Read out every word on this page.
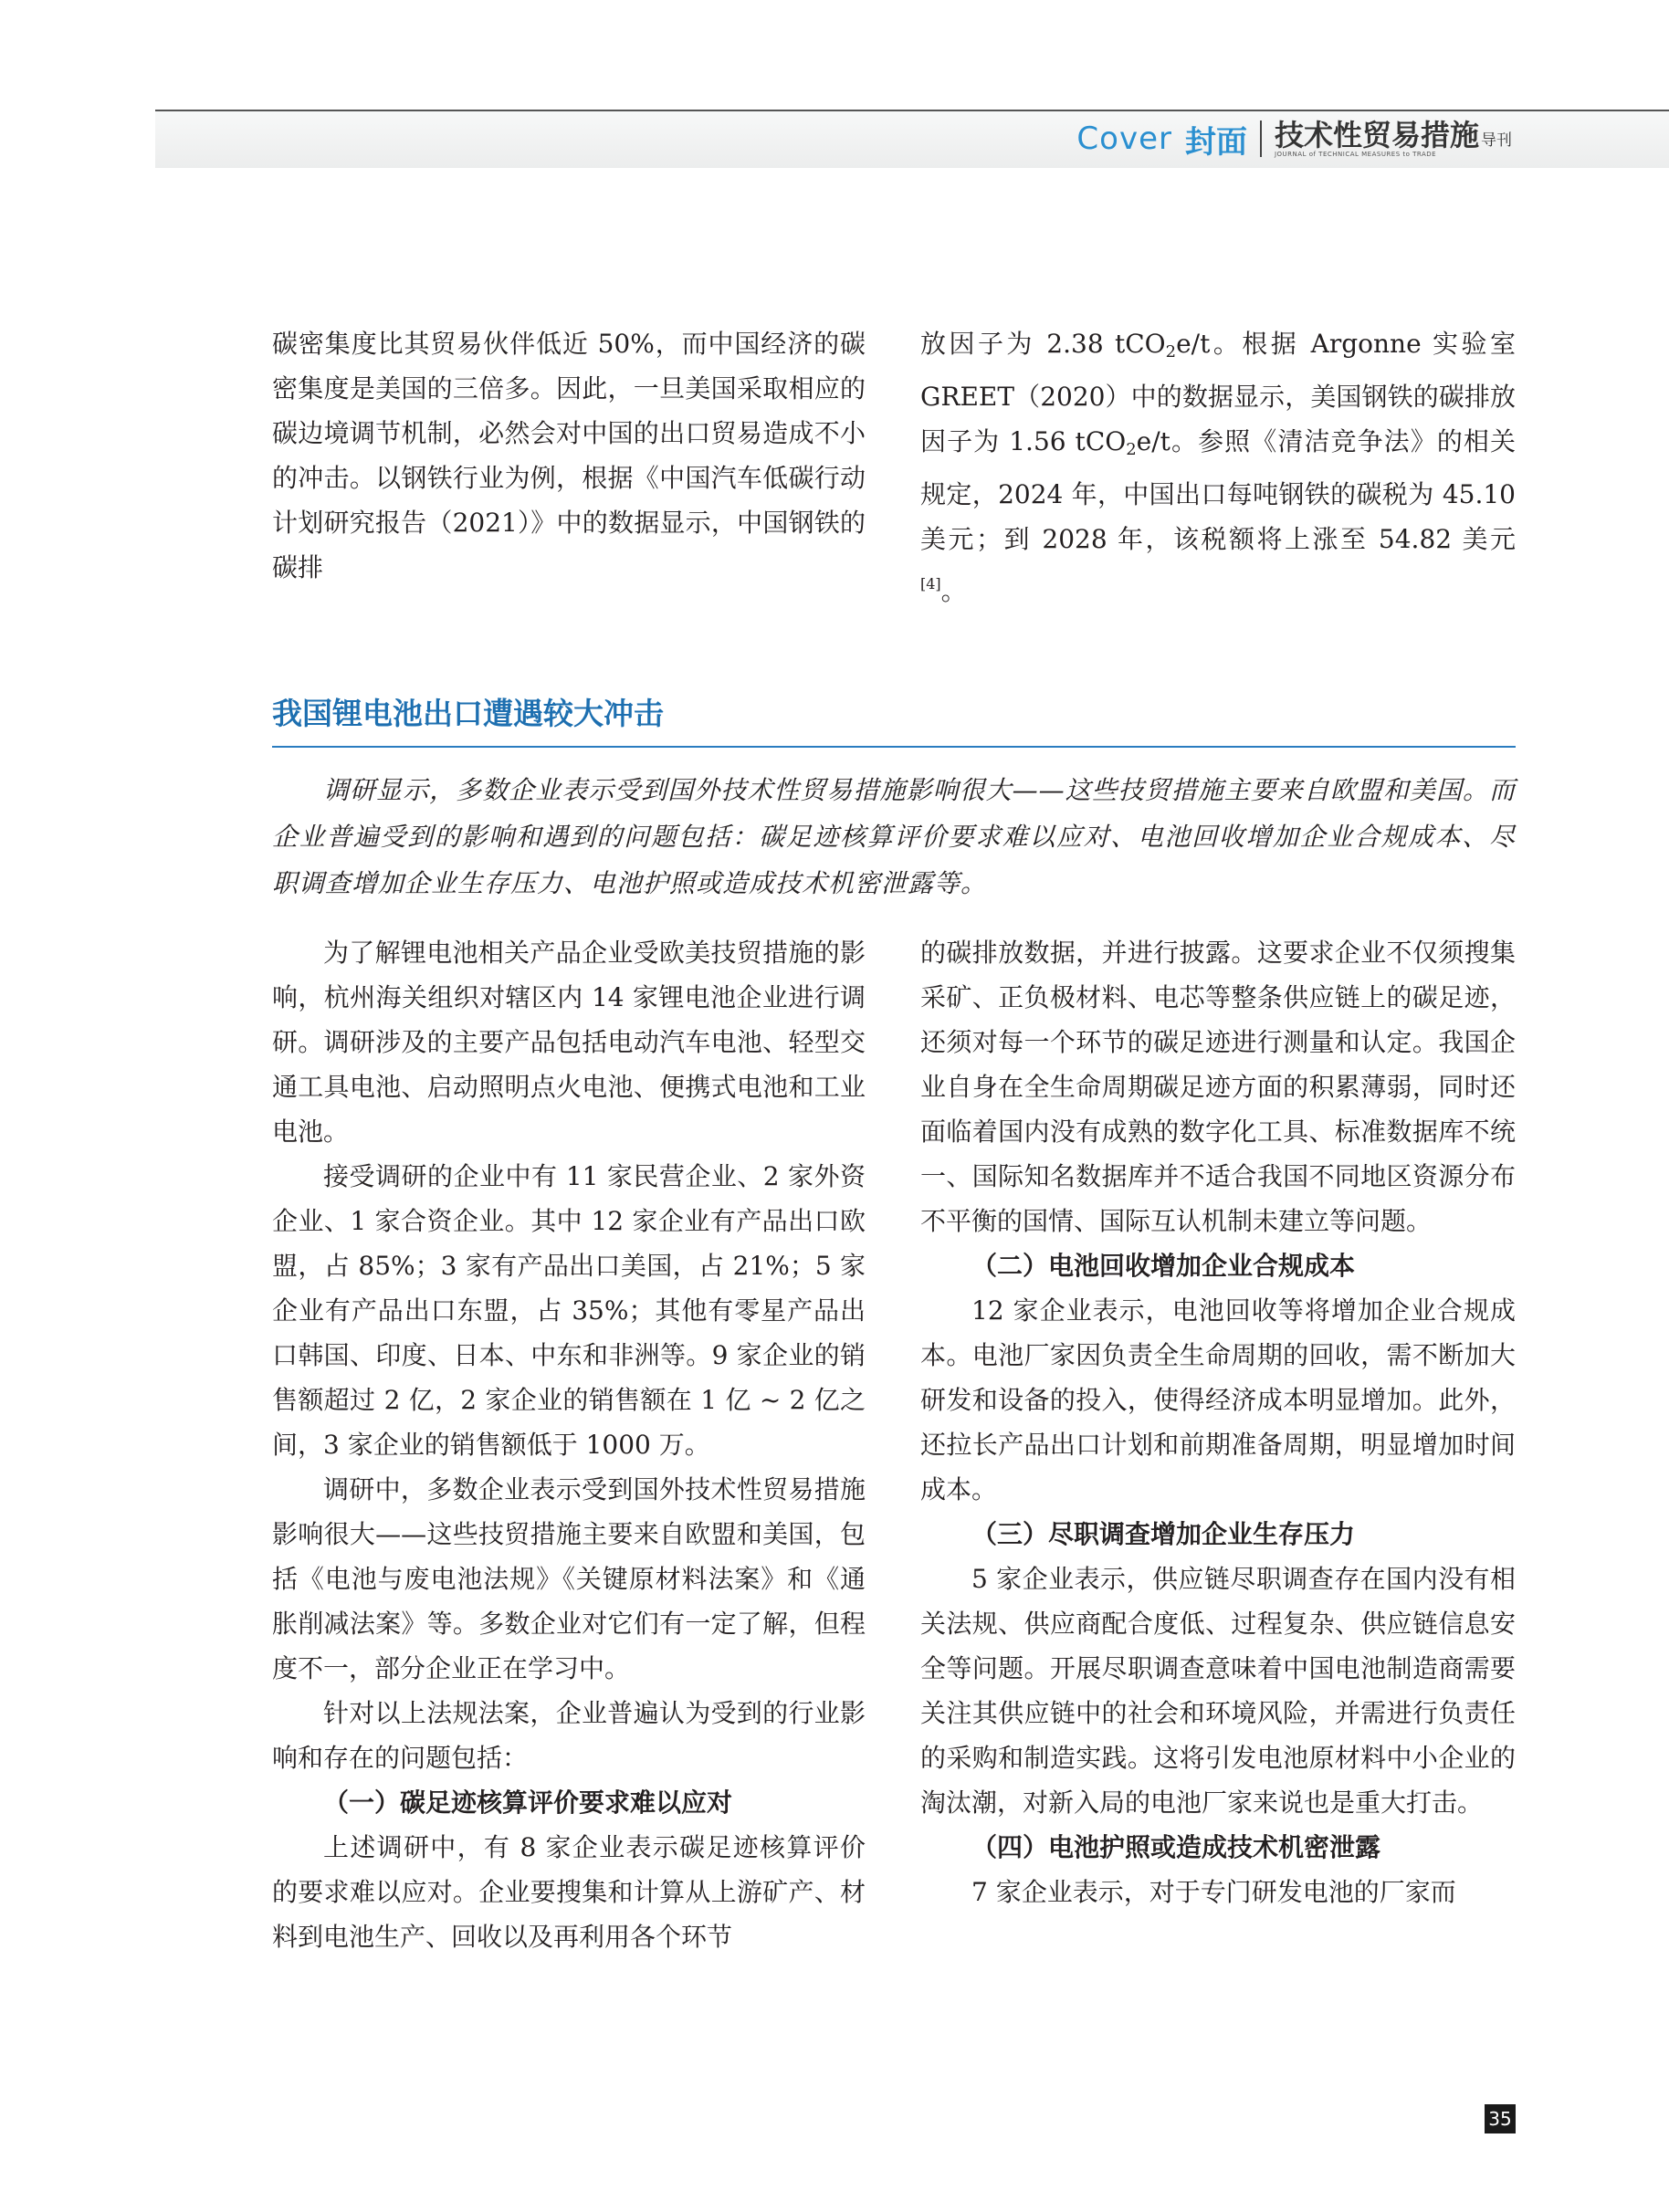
Cover 封面 技术性贸易措施 导刊
JOURNAL of TECHNICAL MEASURES to TRADE

碳密集度比其贸易伙伴低近 50%，而中国经济的碳密集度是美国的三倍多。因此，一旦美国采取相应的碳边境调节机制，必然会对中国的出口贸易造成不小的冲击。以钢铁行业为例，根据《中国汽车低碳行动计划研究报告（2021）》中的数据显示，中国钢铁的碳排

放因子为 2.38 tCO$_2$e/t。根据 Argonne 实验室 GREET（2020）中的数据显示，美国钢铁的碳排放因子为 1.56 tCO$_2$e/t。参照《清洁竞争法》的相关规定，2024 年，中国出口每吨钢铁的碳税为 45.10 美元；到 2028 年，该税额将上涨至 54.82 美元[4]。

我国锂电池出口遭遇较大冲击
调研显示，多数企业表示受到国外技术性贸易措施影响很大——这些技贸措施主要来自欧盟和美国。而企业普遍受到的影响和遇到的问题包括：碳足迹核算评价要求难以应对、电池回收增加企业合规成本、尽职调查增加企业生存压力、电池护照或造成技术机密泄露等。

为了解锂电池相关产品企业受欧美技贸措施的影响，杭州海关组织对辖区内 14 家锂电池企业进行调研。调研涉及的主要产品包括电动汽车电池、轻型交通工具电池、启动照明点火电池、便携式电池和工业电池。

接受调研的企业中有 11 家民营企业、2 家外资企业、1 家合资企业。其中 12 家企业有产品出口欧盟，占 85%；3 家有产品出口美国，占 21%；5 家企业有产品出口东盟，占 35%；其他有零星产品出口韩国、印度、日本、中东和非洲等。9 家企业的销售额超过 2 亿，2 家企业的销售额在 1 亿 ~ 2 亿之间，3 家企业的销售额低于 1000 万。

调研中，多数企业表示受到国外技术性贸易措施影响很大——这些技贸措施主要来自欧盟和美国，包括《电池与废电池法规》《关键原材料法案》和《通胀削减法案》等。多数企业对它们有一定了解，但程度不一，部分企业正在学习中。

针对以上法规法案，企业普遍认为受到的行业影响和存在的问题包括：

（一）碳足迹核算评价要求难以应对

上述调研中，有 8 家企业表示碳足迹核算评价的要求难以应对。企业要搜集和计算从上游矿产、材料到电池生产、回收以及再利用各个环节

的碳排放数据，并进行披露。这要求企业不仅须搜集采矿、正负极材料、电芯等整条供应链上的碳足迹，还须对每一个环节的碳足迹进行测量和认定。我国企业自身在全生命周期碳足迹方面的积累薄弱，同时还面临着国内没有成熟的数字化工具、标准数据库不统一、国际知名数据库并不适合我国不同地区资源分布不平衡的国情、国际互认机制未建立等问题。

（二）电池回收增加企业合规成本

12 家企业表示，电池回收等将增加企业合规成本。电池厂家因负责全生命周期的回收，需不断加大研发和设备的投入，使得经济成本明显增加。此外，还拉长产品出口计划和前期准备周期，明显增加时间成本。

（三）尽职调查增加企业生存压力

5 家企业表示，供应链尽职调查存在国内没有相关法规、供应商配合度低、过程复杂、供应链信息安全等问题。开展尽职调查意味着中国电池制造商需要关注其供应链中的社会和环境风险，并需进行负责任的采购和制造实践。这将引发电池原材料中小企业的淘汰潮，对新入局的电池厂家来说也是重大打击。

（四）电池护照或造成技术机密泄露

7 家企业表示，对于专门研发电池的厂家而

35
